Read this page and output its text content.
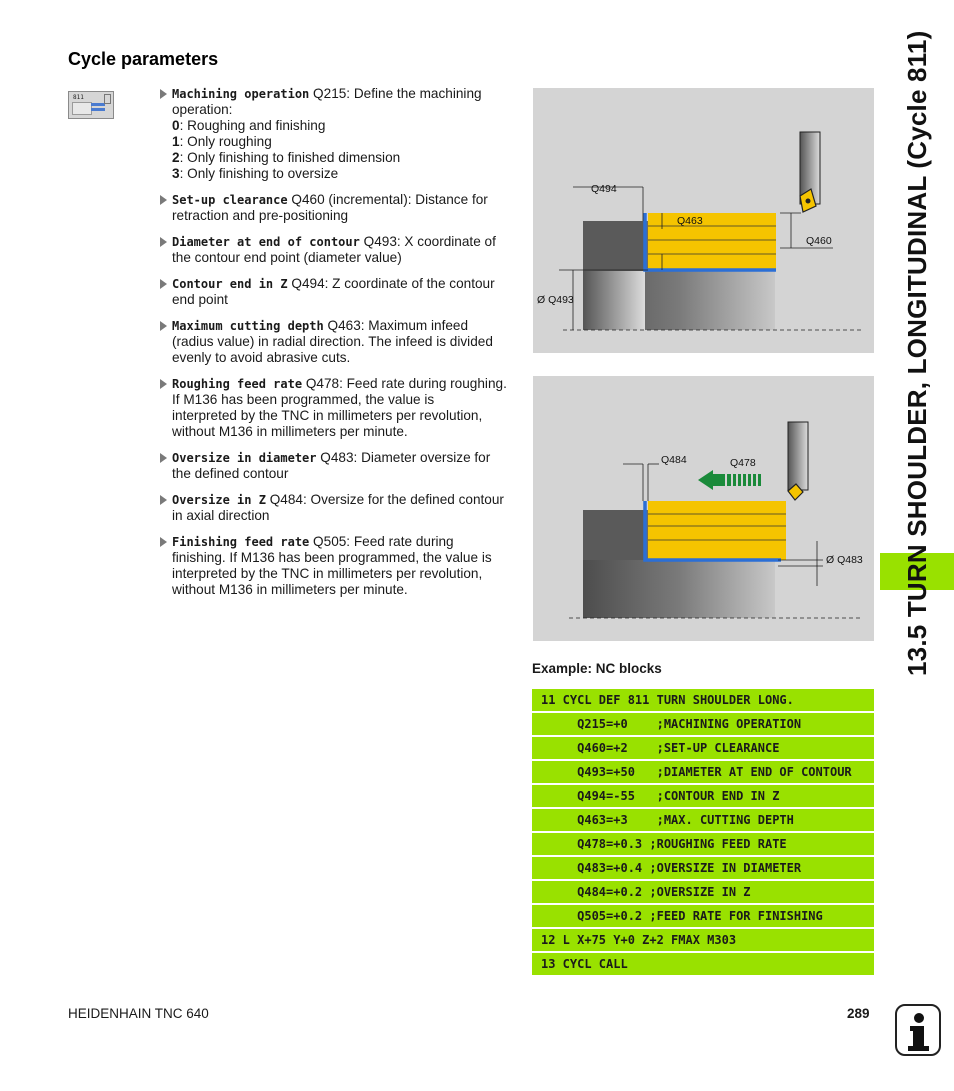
Cycle parameters
811	Machining operation Q215: Define the machining
operation:
0: Roughing and finishing
1: Only roughing
2: Only finishing to finished dimension
3: Only finishing to oversize
Set-up clearance Q460 (incremental): Distance for
retraction and pre-positioning
Diameter at end of contour Q493: X coordinate of
the contour end point (diameter value)
Contour end in Z Q494: Z coordinate of the contour
end point
Maximum cutting depth Q463: Maximum infeed
(radius value) in radial direction. The infeed is divided
evenly to avoid abrasive cuts.
Roughing feed rate Q478: Feed rate during roughing.
If M136 has been programmed, the value is
interpreted by the TNC in millimeters per revolution,
without M136 in millimeters per minute.
Oversize in diameter Q483: Diameter oversize for
the defined contour
Oversize in Z Q484: Oversize for the defined contour
in axial direction
Finishing feed rate Q505: Feed rate during
finishing. If M136 has been programmed, the value is
interpreted by the TNC in millimeters per revolution,
without M136 in millimeters per minute.
Q494
Q463
Q460
Ø Q493
Q484	Q478
Ø Q483
Example: NC blocks
11 CYCL DEF 811 TURN SHOULDER LONG.
Q215=+0    ;MACHINING OPERATION
Q460=+2    ;SET-UP CLEARANCE
Q493=+50   ;DIAMETER AT END OF CONTOUR
Q494=-55   ;CONTOUR END IN Z
Q463=+3    ;MAX. CUTTING DEPTH
Q478=+0.3 ;ROUGHING FEED RATE
Q483=+0.4 ;OVERSIZE IN DIAMETER
Q484=+0.2 ;OVERSIZE IN Z
Q505=+0.2 ;FEED RATE FOR FINISHING
12 L X+75 Y+0 Z+2 FMAX M303
13 CYCL CALL
13.5 TURN SHOULDER, LONGITUDINAL (Cycle 811)
HEIDENHAIN TNC 640	289
